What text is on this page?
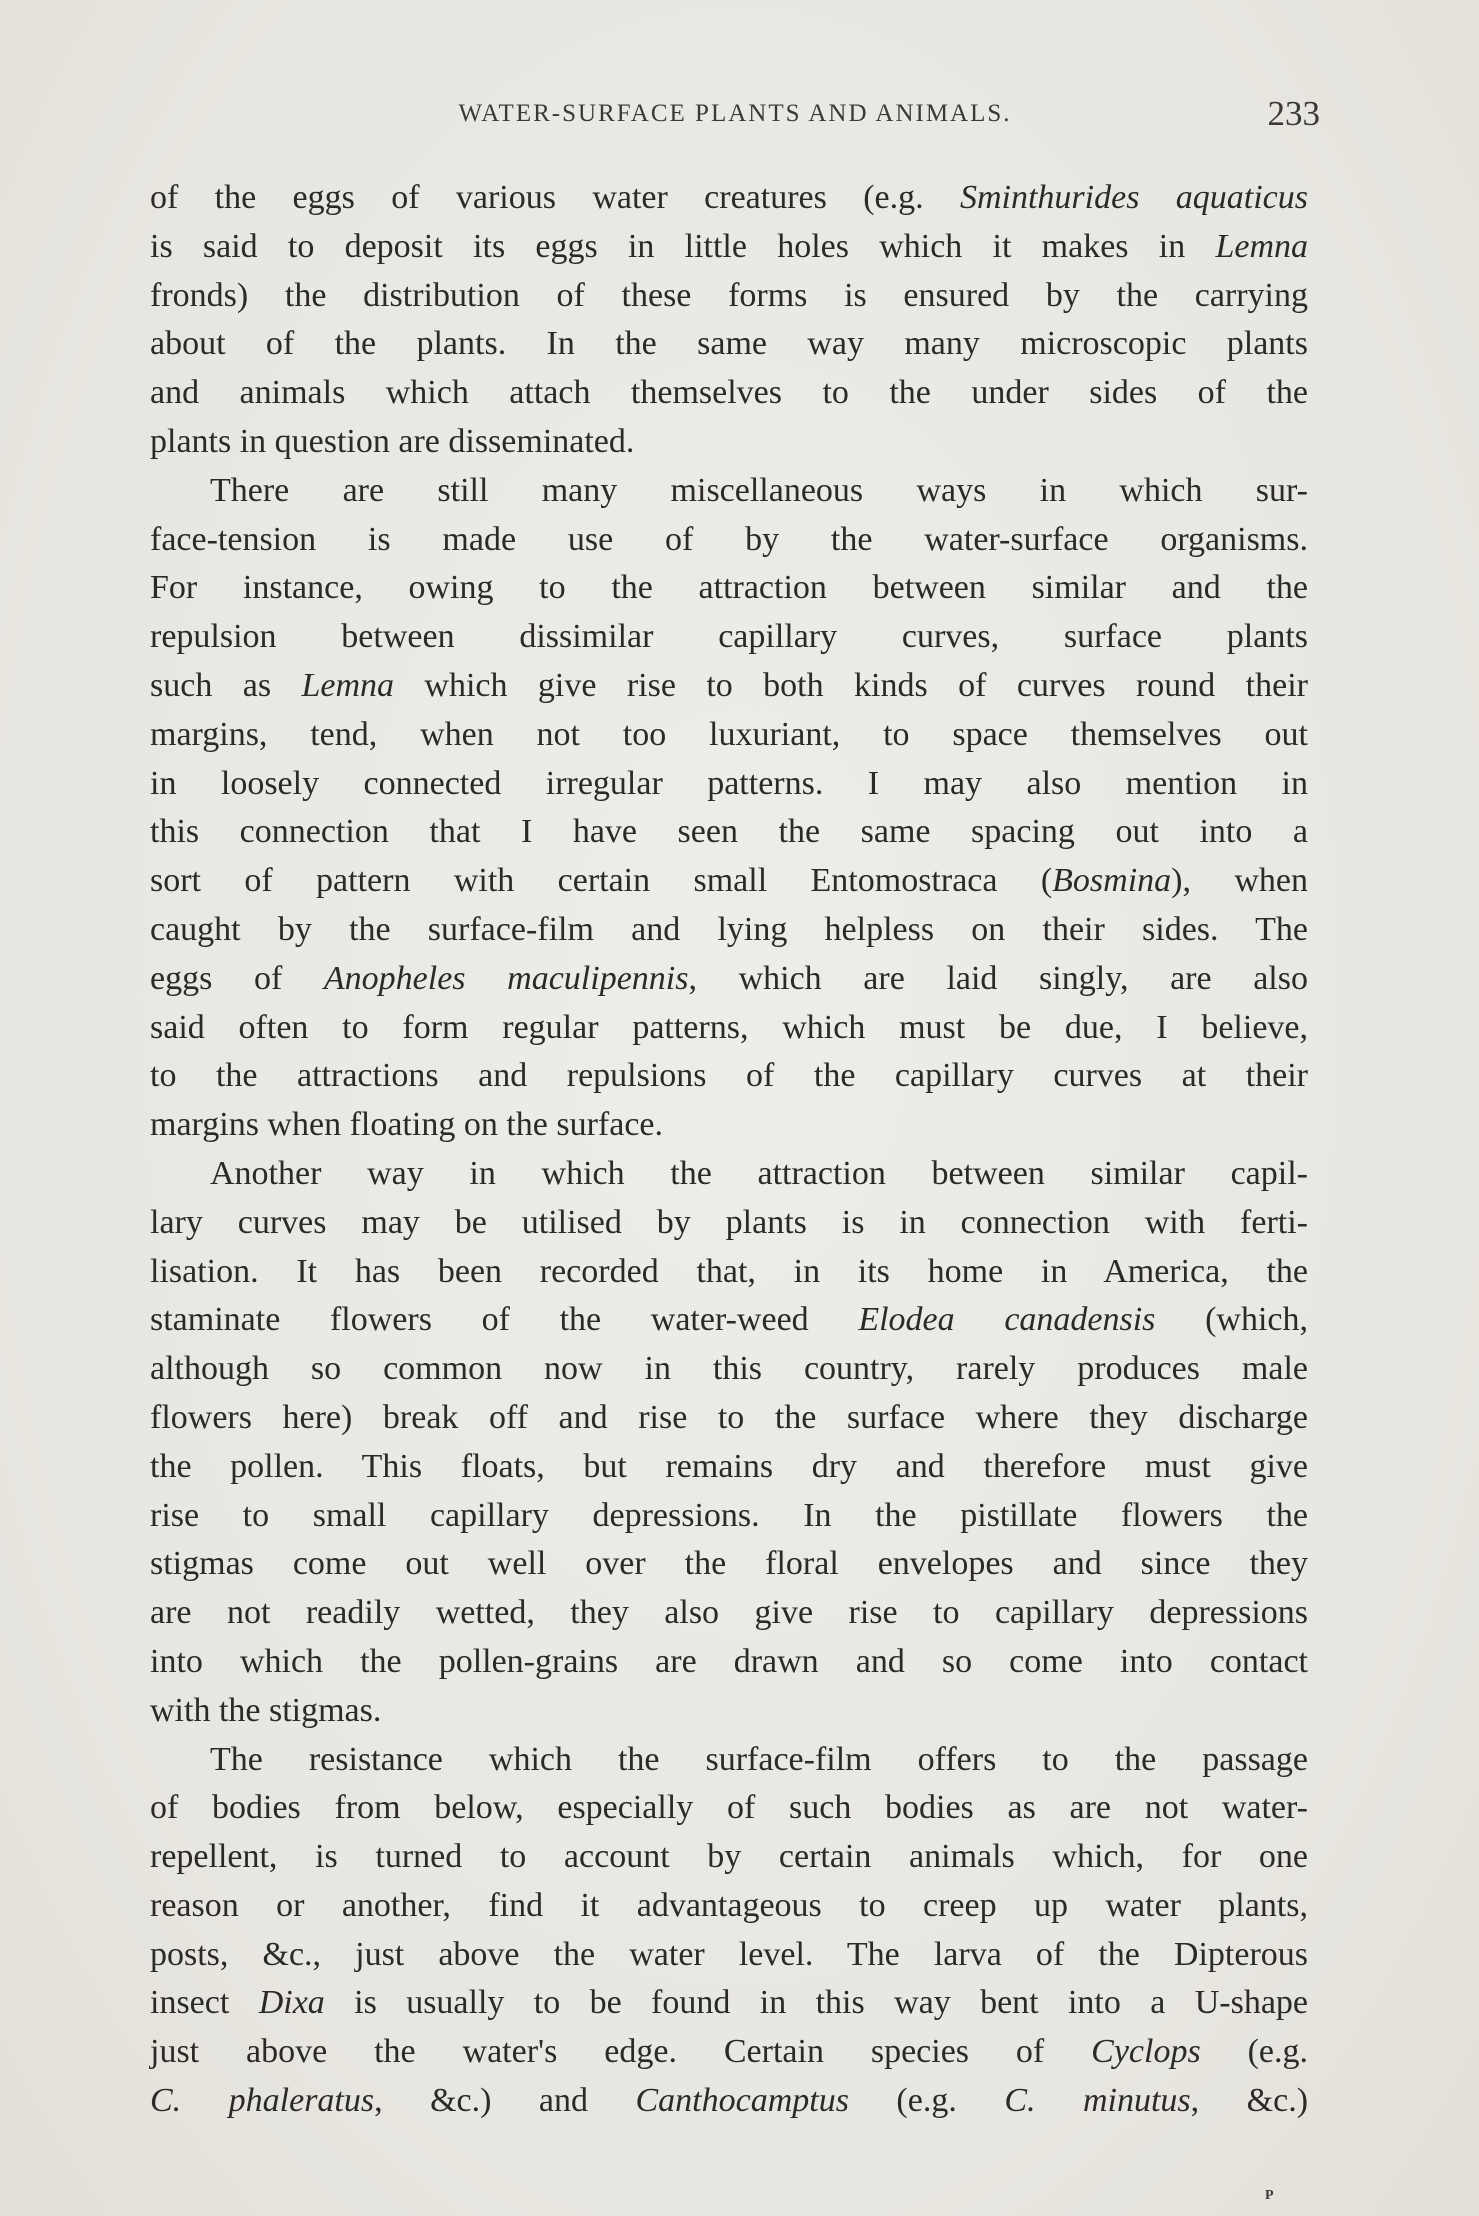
WATER-SURFACE PLANTS AND ANIMALS.	233
of the eggs of various water creatures (e.g. Sminthurides aquaticus
is said to deposit its eggs in little holes which it makes in Lemna
fronds) the distribution of these forms is ensured by the carrying
about of the plants. In the same way many microscopic plants
and animals which attach themselves to the under sides of the
plants in question are disseminated.
There are still many miscellaneous ways in which sur-
face-tension is made use of by the water-surface organisms.
For instance, owing to the attraction between similar and the
repulsion between dissimilar capillary curves, surface plants
such as Lemna which give rise to both kinds of curves round their
margins, tend, when not too luxuriant, to space themselves out
in loosely connected irregular patterns. I may also mention in
this connection that I have seen the same spacing out into a
sort of pattern with certain small Entomostraca (Bosmina), when
caught by the surface-film and lying helpless on their sides. The
eggs of Anopheles maculipennis, which are laid singly, are also
said often to form regular patterns, which must be due, I believe,
to the attractions and repulsions of the capillary curves at their
margins when floating on the surface.
Another way in which the attraction between similar capil-
lary curves may be utilised by plants is in connection with ferti-
lisation. It has been recorded that, in its home in America, the
staminate flowers of the water-weed Elodea canadensis (which,
although so common now in this country, rarely produces male
flowers here) break off and rise to the surface where they discharge
the pollen. This floats, but remains dry and therefore must give
rise to small capillary depressions. In the pistillate flowers the
stigmas come out well over the floral envelopes and since they
are not readily wetted, they also give rise to capillary depressions
into which the pollen-grains are drawn and so come into contact
with the stigmas.
The resistance which the surface-film offers to the passage
of bodies from below, especially of such bodies as are not water-
repellent, is turned to account by certain animals which, for one
reason or another, find it advantageous to creep up water plants,
posts, &c., just above the water level. The larva of the Dipterous
insect Dixa is usually to be found in this way bent into a U-shape
just above the water's edge. Certain species of Cyclops (e.g.
C. phaleratus, &c.) and Canthocamptus (e.g. C. minutus, &c.)
P
